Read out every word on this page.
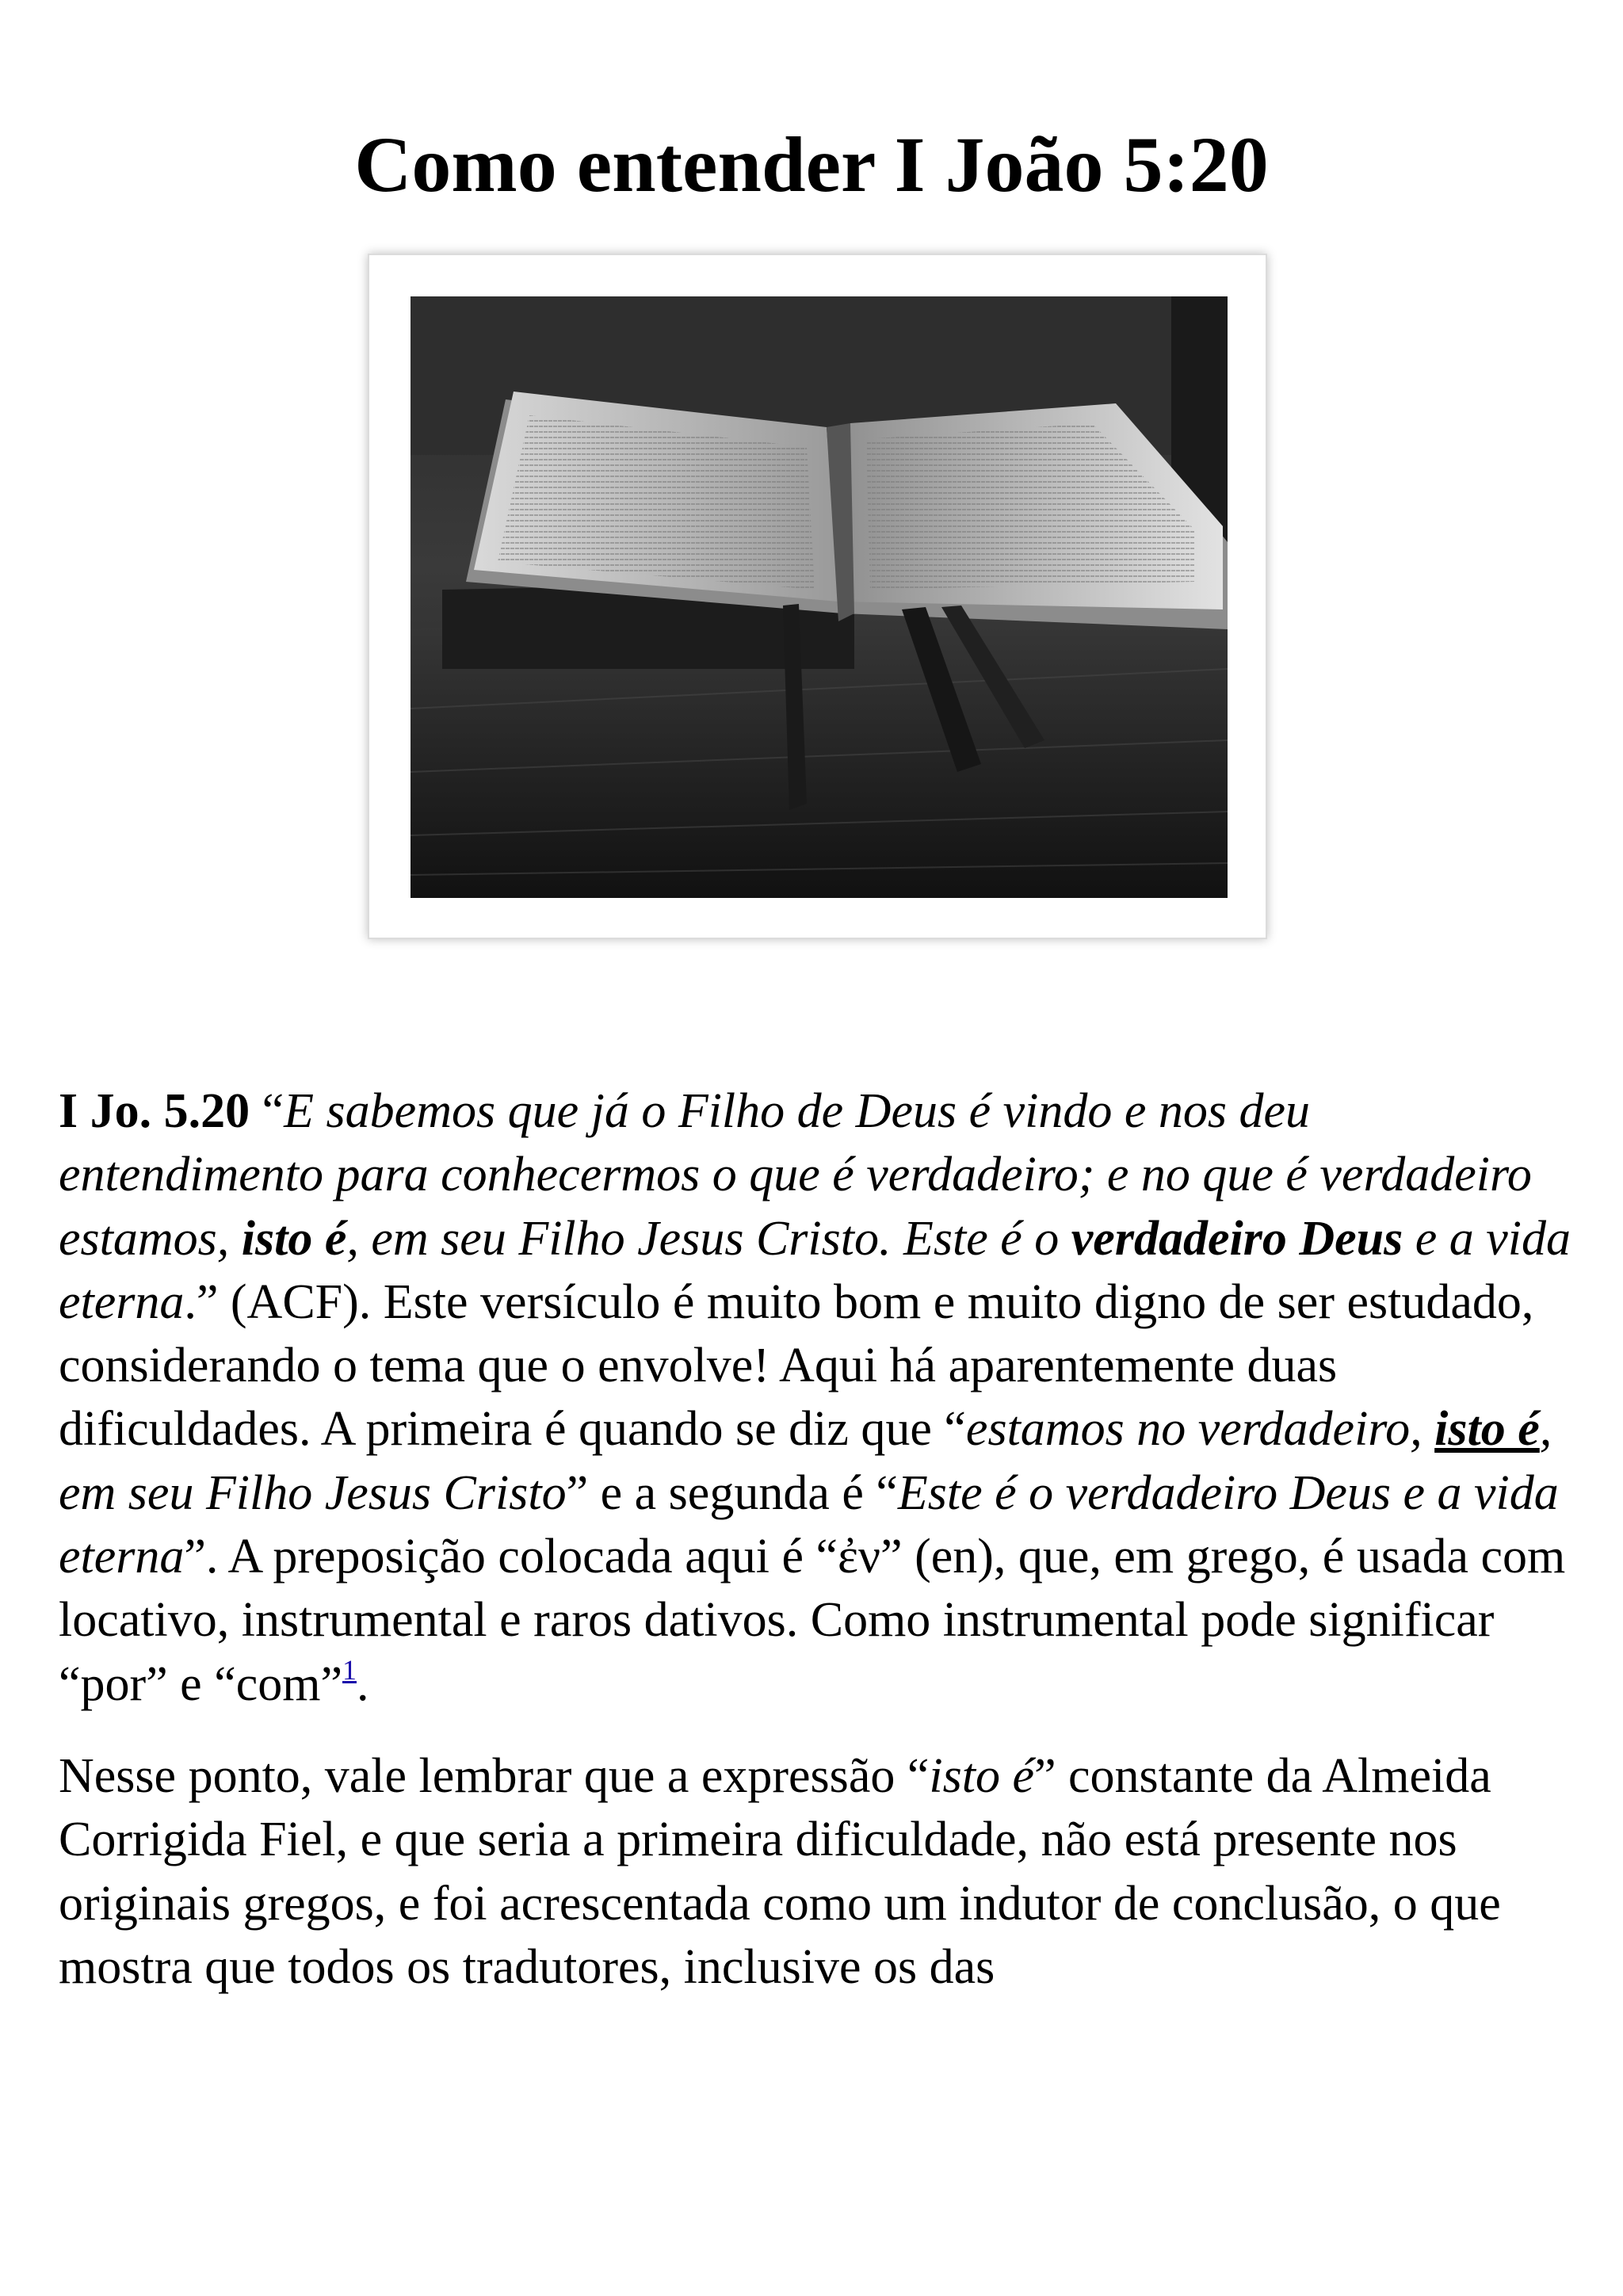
Como entender I João 5:20

I Jo. 5.20 “E sabemos que já o Filho de Deus é vindo e nos deu entendimento para conhecermos o que é verdadeiro; e no que é verdadeiro estamos, isto é, em seu Filho Jesus Cristo. Este é o verdadeiro Deus e a vida eterna.” (ACF). Este versículo é muito bom e muito digno de ser estudado, considerando o tema que o envolve! Aqui há aparentemente duas dificuldades. A primeira é quando se diz que “estamos no verdadeiro, isto é, em seu Filho Jesus Cristo” e a segunda é “Este é o verdadeiro Deus e a vida eterna”. A preposição colocada aqui é “ἐν” (en), que, em grego, é usada com locativo, instrumental e raros dativos. Como instrumental pode significar “por” e “com”$^1$.

Nesse ponto, vale lembrar que a expressão “isto é” constante da Almeida Corrigida Fiel, e que seria a primeira dificuldade, não está presente nos originais gregos, e foi acrescentada como um indutor de conclusão, o que mostra que todos os tradutores, inclusive os das
